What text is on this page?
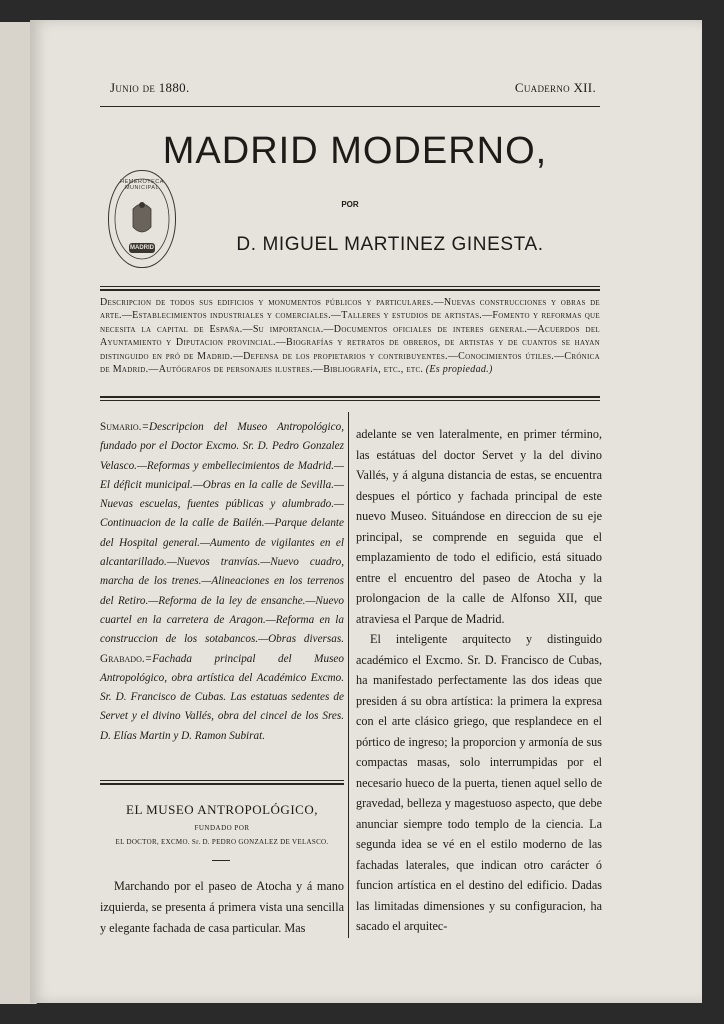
Junio de 1880.	Cuaderno XII.
MADRID MODERNO,
POR
D. MIGUEL MARTINEZ GINESTA.
HEMEROTECA MUNICIPAL
MADRID
Descripcion de todos sus edificios y monumentos públicos y particulares.—Nuevas construcciones y obras de arte.—Establecimientos industriales y comerciales.—Talleres y estudios de artistas.—Fomento y reformas que necesita la capital de España.—Su importancia.—Documentos oficiales de interes general.—Acuerdos del Ayuntamiento y Diputacion provincial.—Biografías y retratos de obreros, de artistas y de cuantos se hayan distinguido en pró de Madrid.—Defensa de los propietarios y contribuyentes.—Conocimientos útiles.—Crónica de Madrid.—Autógrafos de personajes ilustres.—Bibliografía, etc., etc. (Es propiedad.)
Sumario.=Descripcion del Museo Antropológico, fundado por el Doctor Excmo. Sr. D. Pedro Gonzalez Velasco.—Reformas y embellecimientos de Madrid.—El déficit municipal.—Obras en la calle de Sevilla.—Nuevas escuelas, fuentes públicas y alumbrado.—Continuacion de la calle de Bailén.—Parque delante del Hospital general.—Aumento de vigilantes en el alcantarillado.—Nuevos tranvías.—Nuevo cuadro, marcha de los trenes.—Alineaciones en los terrenos del Retiro.—Reforma de la ley de ensanche.—Nuevo cuartel en la carretera de Aragon.—Reforma en la construccion de los sotabancos.—Obras diversas. Grabado.=Fachada principal del Museo Antropológico, obra artística del Académico Excmo. Sr. D. Francisco de Cubas. Las estatuas sedentes de Servet y el divino Vallés, obra del cincel de los Sres. D. Elías Martin y D. Ramon Subirat.
EL MUSEO ANTROPOLÓGICO,
FUNDADO POR
EL DOCTOR, EXCMO. Sr. D. PEDRO GONZALEZ DE VELASCO.

Marchando por el paseo de Atocha y á mano izquierda, se presenta á primera vista una sencilla y elegante fachada de casa particular. Mas

adelante se ven lateralmente, en primer término, las estátuas del doctor Servet y la del divino Vallés, y á alguna distancia de estas, se encuentra despues el pórtico y fachada principal de este nuevo Museo. Situándose en direccion de su eje principal, se comprende en seguida que el emplazamiento de todo el edificio, está situado entre el encuentro del paseo de Atocha y la prolongacion de la calle de Alfonso XII, que atraviesa el Parque de Madrid.

El inteligente arquitecto y distinguido académico el Excmo. Sr. D. Francisco de Cubas, ha manifestado perfectamente las dos ideas que presiden á su obra artística: la primera la expresa con el arte clásico griego, que resplandece en el pórtico de ingreso; la proporcion y armonía de sus compactas masas, solo interrumpidas por el necesario hueco de la puerta, tienen aquel sello de gravedad, belleza y magestuoso aspecto, que debe anunciar siempre todo templo de la ciencia. La segunda idea se vé en el estilo moderno de las fachadas laterales, que indican otro carácter ó funcion artística en el destino del edificio. Dadas las limitadas dimensiones y su configuracion, ha sacado el arquitec-
